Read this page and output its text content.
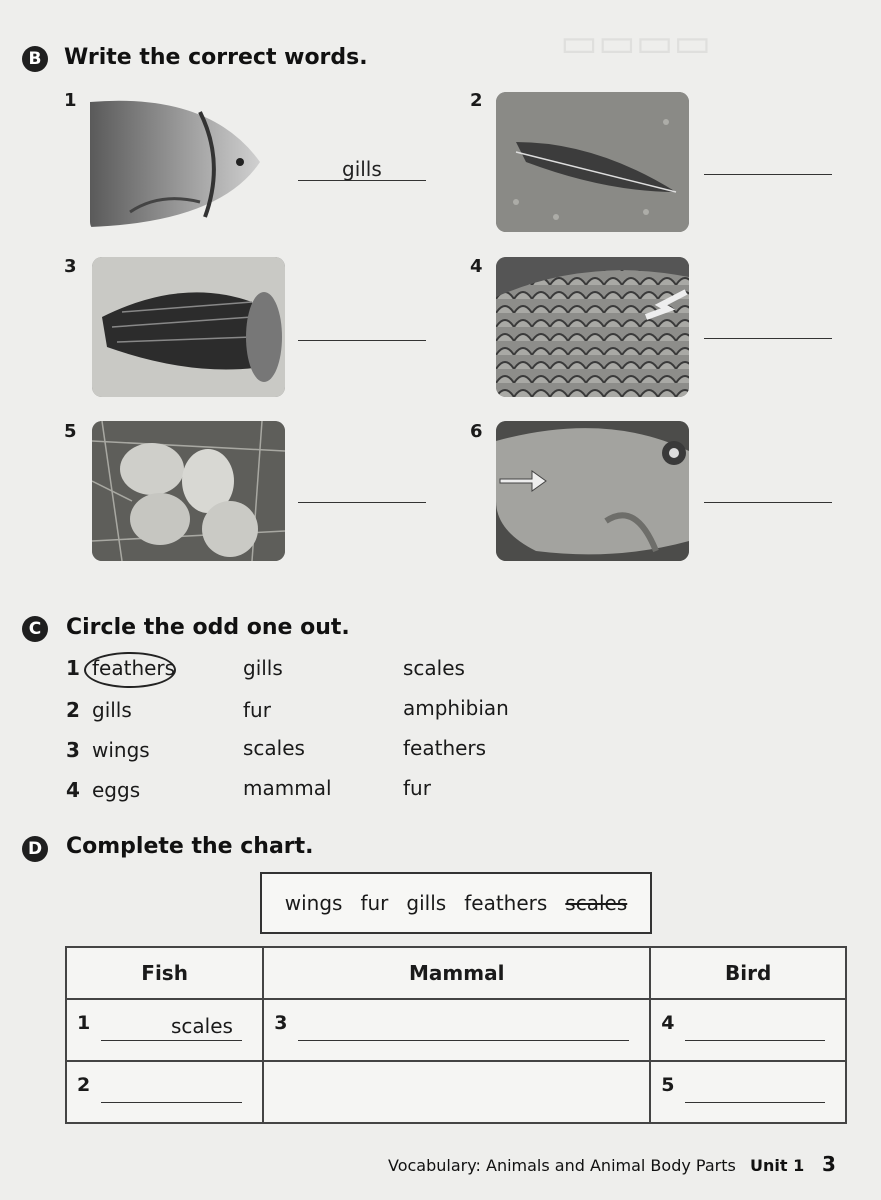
▭▭▭▭
B Write the correct words.
1
gills
2
3	4
5	6
C	Circle the odd one out.
1 feathers	gills	scales
2 gills	fur	amphibian
3 wings	scales	feathers
4 eggs	mammal	fur
D Complete the chart.
wings fur gills feathers scales
Fish	Mammal	Bird

1 scales	3	4

2		5
Vocabulary: Animals and Animal Body Parts Unit 1 3
